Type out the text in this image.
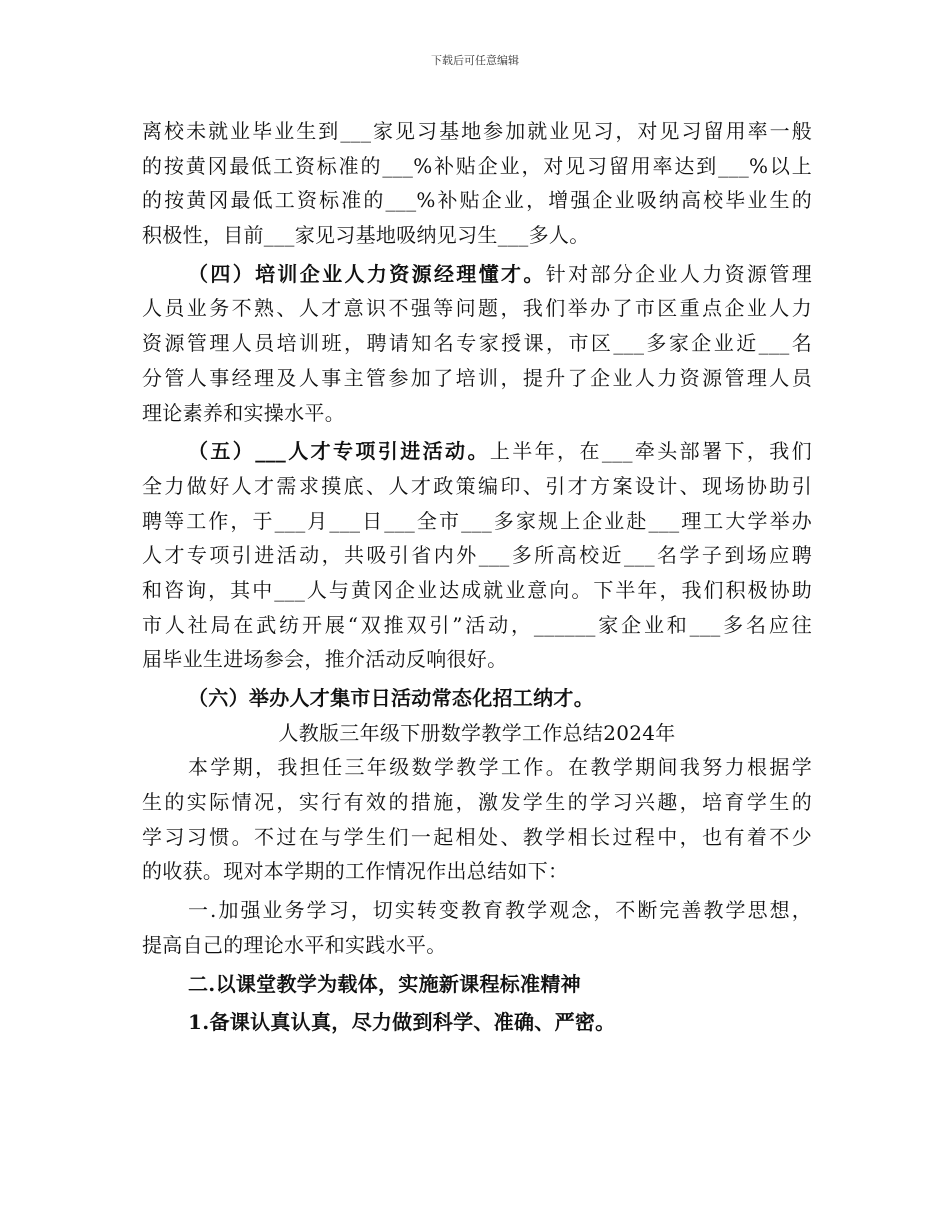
下载后可任意编辑
离校未就业毕业生到___家见习基地参加就业见习，对见习留用率一般
的按黄冈最低工资标准的___%补贴企业，对见习留用率达到___%以上
的按黄冈最低工资标准的___%补贴企业，增强企业吸纳高校毕业生的
积极性，目前___家见习基地吸纳见习生___多人。
（四）培训企业人力资源经理懂才。针对部分企业人力资源管理
人员业务不熟、人才意识不强等问题，我们举办了市区重点企业人力
资源管理人员培训班，聘请知名专家授课，市区___多家企业近___名
分管人事经理及人事主管参加了培训，提升了企业人力资源管理人员
理论素养和实操水平。
（五）___人才专项引进活动。上半年，在___牵头部署下，我们
全力做好人才需求摸底、人才政策编印、引才方案设计、现场协助引
聘等工作，于___月___日___全市___多家规上企业赴___理工大学举办
人才专项引进活动，共吸引省内外___多所高校近___名学子到场应聘
和咨询，其中___人与黄冈企业达成就业意向。下半年，我们积极协助
市人社局在武纺开展“双推双引”活动，______家企业和___多名应往
届毕业生进场参会，推介活动反响很好。
（六）举办人才集市日活动常态化招工纳才。
人教版三年级下册数学教学工作总结2024年
本学期，我担任三年级数学教学工作。在教学期间我努力根据学
生的实际情况，实行有效的措施，激发学生的学习兴趣，培育学生的
学习习惯。不过在与学生们一起相处、教学相长过程中，也有着不少
的收获。现对本学期的工作情况作出总结如下：
一.加强业务学习，切实转变教育教学观念，不断完善教学思想，
提高自己的理论水平和实践水平。
二.以课堂教学为载体，实施新课程标准精神
1.备课认真认真，尽力做到科学、准确、严密。
